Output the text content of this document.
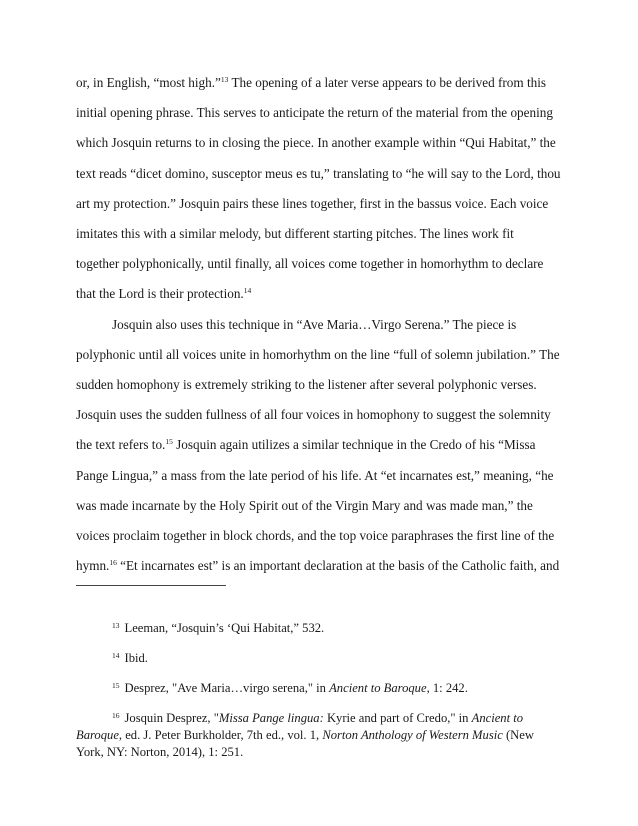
or, in English, “most high.”$^{13}$ The opening of a later verse appears to be derived from this
initial opening phrase. This serves to anticipate the return of the material from the opening
which Josquin returns to in closing the piece. In another example within “Qui Habitat,” the
text reads “dicet domino, susceptor meus es tu,” translating to “he will say to the Lord, thou
art my protection.” Josquin pairs these lines together, first in the bassus voice. Each voice
imitates this with a similar melody, but different starting pitches. The lines work fit
together polyphonically, until finally, all voices come together in homorhythm to declare
that the Lord is their protection.$^{14}$
Josquin also uses this technique in “Ave Maria…Virgo Serena.” The piece is
polyphonic until all voices unite in homorhythm on the line “full of solemn jubilation.” The
sudden homophony is extremely striking to the listener after several polyphonic verses.
Josquin uses the sudden fullness of all four voices in homophony to suggest the solemnity
the text refers to.$^{15}$ Josquin again utilizes a similar technique in the Credo of his “Missa
Pange Lingua,” a mass from the late period of his life. At “et incarnates est,” meaning, “he
was made incarnate by the Holy Spirit out of the Virgin Mary and was made man,” the
voices proclaim together in block chords, and the top voice paraphrases the first line of the
hymn.$^{16}$ “Et incarnates est” is an important declaration at the basis of the Catholic faith, and
$^{13}$ Leeman, “Josquin’s ‘Qui Habitat,” 532.
$^{14}$ Ibid.
$^{15}$ Desprez, "Ave Maria…virgo serena," in Ancient to Baroque, 1: 242.
$^{16}$ Josquin Desprez, "Missa Pange lingua: Kyrie and part of Credo," in Ancient to Baroque, ed. J. Peter Burkholder, 7th ed., vol. 1, Norton Anthology of Western Music (New York, NY: Norton, 2014), 1: 251.
